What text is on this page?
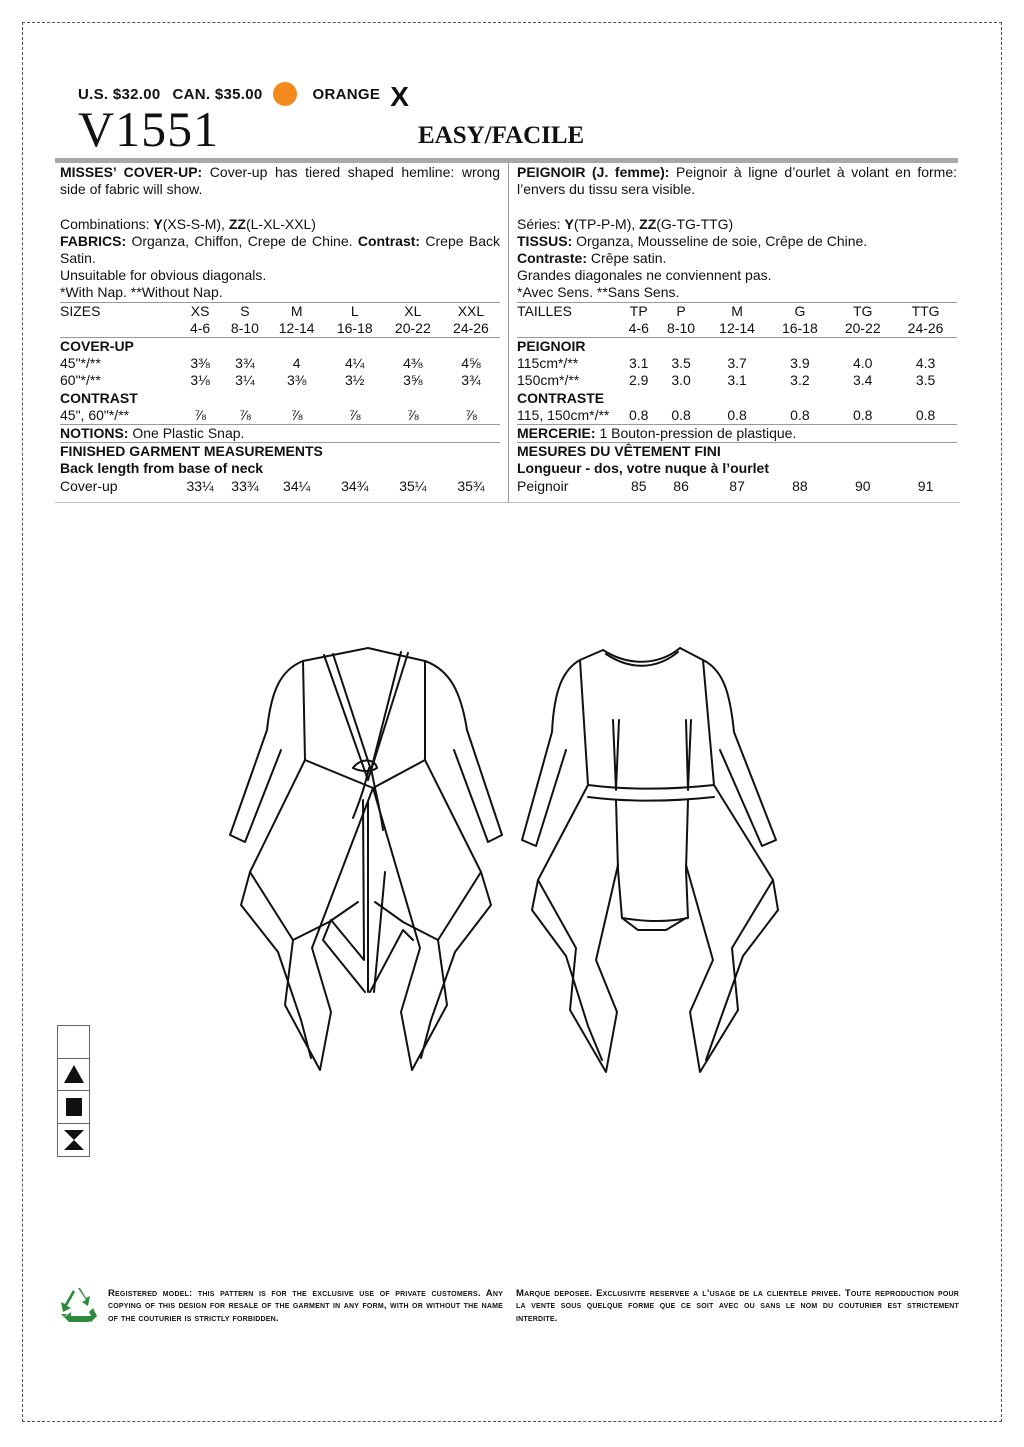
U.S. $32.00 CAN. $35.00	ORANGE X
V1551	EASY/FACILE
MISSES’ COVER-UP: Cover-up has tiered shaped hemline: wrong side of fabric will show.
Combinations: Y(XS-S-M), ZZ(L-XL-XXL)
FABRICS: Organza, Chiffon, Crepe de Chine. Contrast: Crepe Back Satin.
Unsuitable for obvious diagonals.
*With Nap. **Without Nap.
SIZES	XS	S	M	L	XL	XXL
	4-6	8-10	12-14	16-18	20-22	24-26
COVER-UP						
45"*/**	3⅜	3¾	4	4¼	4⅜	4⅝
60"*/**	3⅛	3¼	3⅜	3½	3⅝	3¾
CONTRAST						
45", 60"*/**	⅞	⅞	⅞	⅞	⅞	⅞
NOTIONS: One Plastic Snap.						
FINISHED GARMENT MEASUREMENTS						
Back length from base of neck						
Cover-up	33¼	33¾	34¼	34¾	35¼	35¾
PEIGNOIR (J. femme): Peignoir à ligne d’ourlet à volant en forme: l’envers du tissu sera visible.
Séries: Y(TP-P-M), ZZ(G-TG-TTG)
TISSUS: Organza, Mousseline de soie, Crêpe de Chine.
Contraste: Crêpe satin.
Grandes diagonales ne conviennent pas.
*Avec Sens. **Sans Sens.
TAILLES	TP	P	M	G	TG	TTG
	4-6	8-10	12-14	16-18	20-22	24-26
PEIGNOIR						
115cm*/**	3.1	3.5	3.7	3.9	4.0	4.3
150cm*/**	2.9	3.0	3.1	3.2	3.4	3.5
CONTRASTE						
115, 150cm*/**	0.8	0.8	0.8	0.8	0.8	0.8
MERCERIE: 1 Bouton-pression de plastique.						
MESURES DU VÊTEMENT FINI						
Longueur - dos, votre nuque à l’ourlet						
Peignoir	85	86	87	88	90	91
Registered model: this pattern is for the exclusive use of private customers. Any copying of this design for resale of the garment in any form, with or without the name of the couturier is strictly forbidden.
Marque deposee. Exclusivite reservee a l’usage de la clientele privee. Toute reproduction pour la vente sous quelque forme que ce soit avec ou sans le nom du couturier est strictement interdite.
